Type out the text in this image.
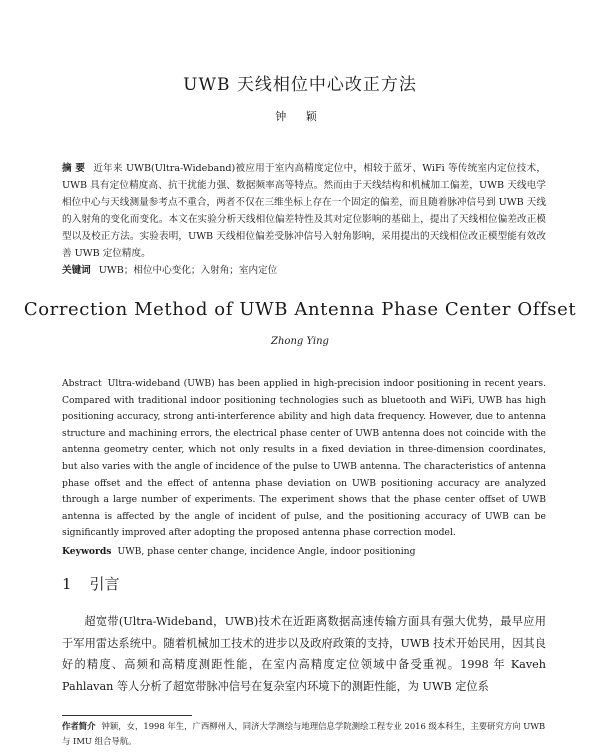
UWB 天线相位中心改正方法
钟 颖
摘 要 近年来 UWB(Ultra-Wideband)被应用于室内高精度定位中，相较于蓝牙、WiFi 等传统室内定位技术，UWB 具有定位精度高、抗干扰能力强、数据频率高等特点。然而由于天线结构和机械加工偏差，UWB 天线电学相位中心与天线测量参考点不重合，两者不仅在三维坐标上存在一个固定的偏差，而且随着脉冲信号到 UWB 天线的入射角的变化而变化。本文在实验分析天线相位偏差特性及其对定位影响的基础上，提出了天线相位偏差改正模型以及校正方法。实验表明，UWB 天线相位偏差受脉冲信号入射角影响，采用提出的天线相位改正模型能有效改善 UWB 定位精度。
关键词 UWB；相位中心变化；入射角；室内定位
Correction Method of UWB Antenna Phase Center Offset
Zhong Ying
Abstract Ultra-wideband (UWB) has been applied in high-precision indoor positioning in recent years. Compared with traditional indoor positioning technologies such as bluetooth and WiFi, UWB has high positioning accuracy, strong anti-interference ability and high data frequency. However, due to antenna structure and machining errors, the electrical phase center of UWB antenna does not coincide with the antenna geometry center, which not only results in a fixed deviation in three-dimension coordinates, but also varies with the angle of incidence of the pulse to UWB antenna. The characteristics of antenna phase offset and the effect of antenna phase deviation on UWB positioning accuracy are analyzed through a large number of experiments. The experiment shows that the phase center offset of UWB antenna is affected by the angle of incident of pulse, and the positioning accuracy of UWB can be significantly improved after adopting the proposed antenna phase correction model.
Keywords UWB, phase center change, incidence Angle, indoor positioning
1 引言
超宽带(Ultra-Wideband，UWB)技术在近距离数据高速传输方面具有强大优势，最早应用于军用雷达系统中。随着机械加工技术的进步以及政府政策的支持，UWB 技术开始民用，因其良好的精度、高频和高精度测距性能，在室内高精度定位领域中备受重视。1998 年 Kaveh Pahlavan 等人分析了超宽带脉冲信号在复杂室内环境下的测距性能，为 UWB 定位系
作者简介 钟颖，女，1998 年生，广西柳州人，同济大学测绘与地理信息学院测绘工程专业 2016 级本科生，主要研究方向 UWB 与 IMU 组合导航。
